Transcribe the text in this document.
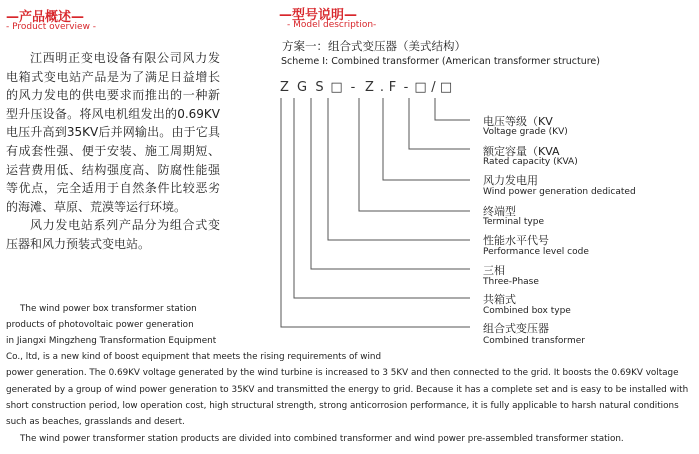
—产品概述—
- Product overview -

江西明正变电设备有限公司风力发电箱式变电站产品是为了满足日益增长的风力发电的供电要求而推出的一种新型升压设备。将风电机组发出的0.69KV电压升高到35KV后并网输出。由于它具有成套性强、便于安装、施工周期短、运营费用低、结构强度高、防腐性能强等优点，完全适用于自然条件比较恶劣的海滩、草原、荒漠等运行环境。

风力发电站系列产品分为组合式变压器和风力预装式变电站。

—型号说明—
- Model description-
方案一：组合式变压器（美式结构）
Scheme I: Combined transformer (American transformer structure)
Z G S □ - Z . F - □ / □
电压等级（KV
Voltage grade (KV)
额定容量（KVA
Rated capacity (KVA)
风力发电用
Wind power generation dedicated
终端型
Terminal type
性能水平代号
Performance level code
三相
Three-Phase
共箱式
Combined box type
组合式变压器
Combined transformer
The wind power box transformer station
products of photovoltaic power generation
in Jiangxi Mingzheng Transformation Equipment
Co., ltd, is a new kind of boost equipment that meets the rising requirements of wind
power generation. The 0.69KV voltage generated by the wind turbine is increased to 3 5KV and then connected to the grid. It boosts the 0.69KV voltage
generated by a group of wind power generation to 35KV and transmitted the energy to grid. Because it has a complete set and is easy to be installed with
short construction period, low operation cost, high structural strength, strong anticorrosion performance, it is fully applicable to harsh natural conditions
such as beaches, grasslands and desert.
The wind power transformer station products are divided into combined transformer and wind power pre-assembled transformer station.
